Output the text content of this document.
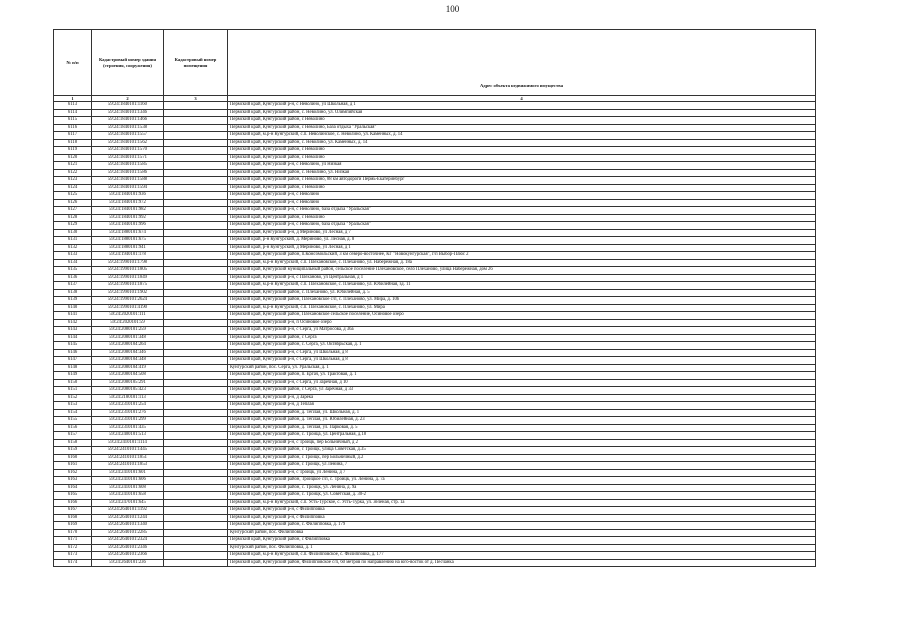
100
№ п/п	Кадастровый номер здания (строения, сооружения)	Кадастровый номер помещения	Адрес объекта недвижимого имущества
1	2	3	4
6113	59:24:1840101:1160		Пермский край, Кунгурский р-н, с Неволино, ул Школьная, д 1
6114	59:24:1840101:1346		Пермский край, Кунгурский район, с. Неволино, ул. Олимпийская
6115	59:24:1840101:1466		Пермский край, Кунгурский район, с Неволино
6116	59:24:1840101:1538		Пермский край, Кунгурский район, с Неволино, База отдыха "Уральская"
6117	59:24:1840101:1557		Пермский край, м.р-н Кунгурский, с.п. Неволинское, с. Неволино, ул. Каменных, д. 14
6118	59:24:1840101:1562		Пермский край, Кунгурский район, с. Неволино, ул. Каменных, д. 14
6119	59:24:1840101:1570		Пермский край, Кунгурский район, с Неволино
6120	59:24:1840101:1571		Пермский край, Кунгурский район, с Неволино
6121	59:24:1840101:1585		Пермский край, Кунгурский р-н, с Неволино, ул Низкая
6122	59:24:1840101:1586		Пермский край, Кунгурский район, с. Неволино, ул. Низкая
6123	59:24:1840101:1588		Пермский край, Кунгурский район, с Неволино, 88 км автодороги Пермь-Екатеринбург
6124	59:24:1840101:1594		Пермский край, Кунгурский район, с Неволино
6125	59:24:1840101:936		Пермский край, Кунгурский р-н, с Неволино
6126	59:24:1840101:972		Пермский край, Кунгурский р-н, с Неволино
6127	59:24:1840101:982		Пермский край, Кунгурский р-н, с Неволино, база отдыха "Уральская"
6128	59:24:1840101:992		Пермский край, Кунгурский район, с Неволино
6129	59:24:1840101:996		Пермский край, Кунгурский р-н, с Неволино, база отдыха "Уральская"
6130	59:24:1880101:674		Пермский край, Кунгурский р-н, д Мериново, ул Лесная, д 7
6131	59:24:1880101:675		Пермский край, р-н Кунгурский, д. Мериново, ул. Лесная, д. 8
6132	59:24:1880101:941		Пермский край, р-н Кунгурский, д Мериново, ул Лесная, д 1
6133	59:24:1940101:178		Пермский край, Кунгурский район, п.Комсомольский, 3 км северо-восточнее, КГ "Новокунгурская", г/п Выбор-Плюс 2
6134	59:24:1990101:1798		Пермский край, м.р-н Кунгурский, с.п. Плехановское, с. Плеханово, ул. Набережная, д. 18а
6135	59:24:1990101:1805		Пермский край, Кунгурский муниципальный район, сельское поселение Плехановское, село Плеханово, улица Набережная, дом 26
6136	59:24:1990101:1849		Пермский край, Кунгурский р-н, с Плеханово, ул Центральная, д 1
6137	59:24:1990101:1875		Пермский край, м.р-н Кунгурский, с.п. Плехановское, с. Плеханово, ул. Юбилейная, зд. 11
6138	59:24:1990101:1902		Пермский край, Кунгурский район, с. Плеханово, ул. Юбилейная, д. 5
6139	59:24:1990101:2624		Пермский край, Кунгурский район, Плехановское с/п, с. Плеханово, ул. Мира, д. 10б
6140	59:24:1990101:4190		Пермский край, м.р-н Кунгурский, с.п. Плехановское, с. Плеханово, ул. Мира
6141	59:24:2020101:111		Пермский край, Кунгурский район, Плехановское сельское поселение, Осиновое озеро
6142	59:24:2020101:59		Пермский край, Кунгурский р-н, п Осиновое озеро
6143	59:24:2080101:259		Пермский край, Кунгурский р-н, с Серга, ул Матросова, д 36а
6144	59:24:2080101:348		Пермский край, Кунгурский район, с Серга
6145	59:24:2080104:264		Пермский край, Кунгурский район, с. Серга, ул. Октябрьская, д. 1
6146	59:24:2080104:346		Пермский край, Кунгурский р-н, с Серга, ул Школьная, д 8
6147	59:24:2080104:348		Пермский край, Кунгурский р-н, с Серга, ул Школьная, д 8
6148	59:24:2080104:419		Кунгурский район, пос. Серга, ул. Уральская, д. 1
6149	59:24:2080104:508		Пермский край, Кунгурский район, п. Ергач, ул. Трактовая, д. 1
6150	59:24:2080105:291		Пермский край, Кунгурский р-н, с Серга, ул Заречная, д 10
6151	59:24:2080105:423		Пермский край, Кунгурский район, с Серга, ул Заречная, д 33
6152	59:24:2180101:113		Пермский край, Кунгурский р-н, д Зарека
6153	59:24:2310101:254		Пермский край, Кунгурский р-н, д Теплая
6154	59:24:2310101:276		Пермский край, Кунгурский район, д. Теплая, ул. Школьная, д. 1
6155	59:24:2310101:299		Пермский край, Кунгурский район, д. Теплая, ул. Юбилейная, д. 23
6156	59:24:2310101:435		Пермский край, Кунгурский район, д. Теплая, ул. Парковая, д. 5
6157	59:24:2400101:513		Пермский край, Кунгурский район, с. Троица, ул. Центральная, д.18
6158	59:24:2410101:1114		Пермский край, Кунгурский р-н, с Троицк, пер Больничный, д 2
6159	59:24:2410101:1445		Пермский край, Кунгурский район, с Троицк, улица Советская, д.35
6160	59:24:2410101:1851		Пермский край, Кунгурский район, с Троицк, пер Больничный, д.2
6161	59:24:2410101:1853		Пермский край, Кунгурский район, с Троицк, ул Ленина, 7
6162	59:24:2410101:601		Пермский край, Кунгурский р-н, с Троицк, ул Ленина, д 7
6163	59:24:2410101:606		Пермский край, Кунгурский район, Троицкое с/п, с. Троицк, ул. Ленина, д. 7а
6164	59:24:2410101:608		Пермский край, Кунгурский район, с. Троицк, ул. Ленина, д. 9а
6165	59:24:2410101:658		Пермский край, Кунгурский район, с. Троицк, ул. Советская, д. 30-2
6166	59:24:2470101:645		Пермский край, м.р-н Кунгурский, с.п. Усть-Турское, с. Усть-Турка, ул. Зеленая, стр. 1а
6167	59:24:2640101:1192		Пермский край, Кунгурский р-н, с Филипповка
6168	59:24:2640101:1244		Пермский край, Кунгурский р-н, с Филипповка
6169	59:24:2640101:1340		Пермский край, Кунгурский район, с. Филипповка, д. 179
6170	59:24:2640101:2285		Кунгурский район, пос. Филипповка
6171	59:24:2640101:2324		Пермский край, Кунгурский район, с Филипповка
6172	59:24:2640101:2346		Кунгурский район, пос. Филипповка, д. 1
6173	59:24:2640101:2366		Пермский край, м.р-н Кунгурский, с.п. Филипповское, с. Филипповка, д. 177
6174	59:24:2640101:236		Пермский край, Кунгурский район, Филипповское с/п, 60 метров по направлению на юго-восток от д. Песчанка
